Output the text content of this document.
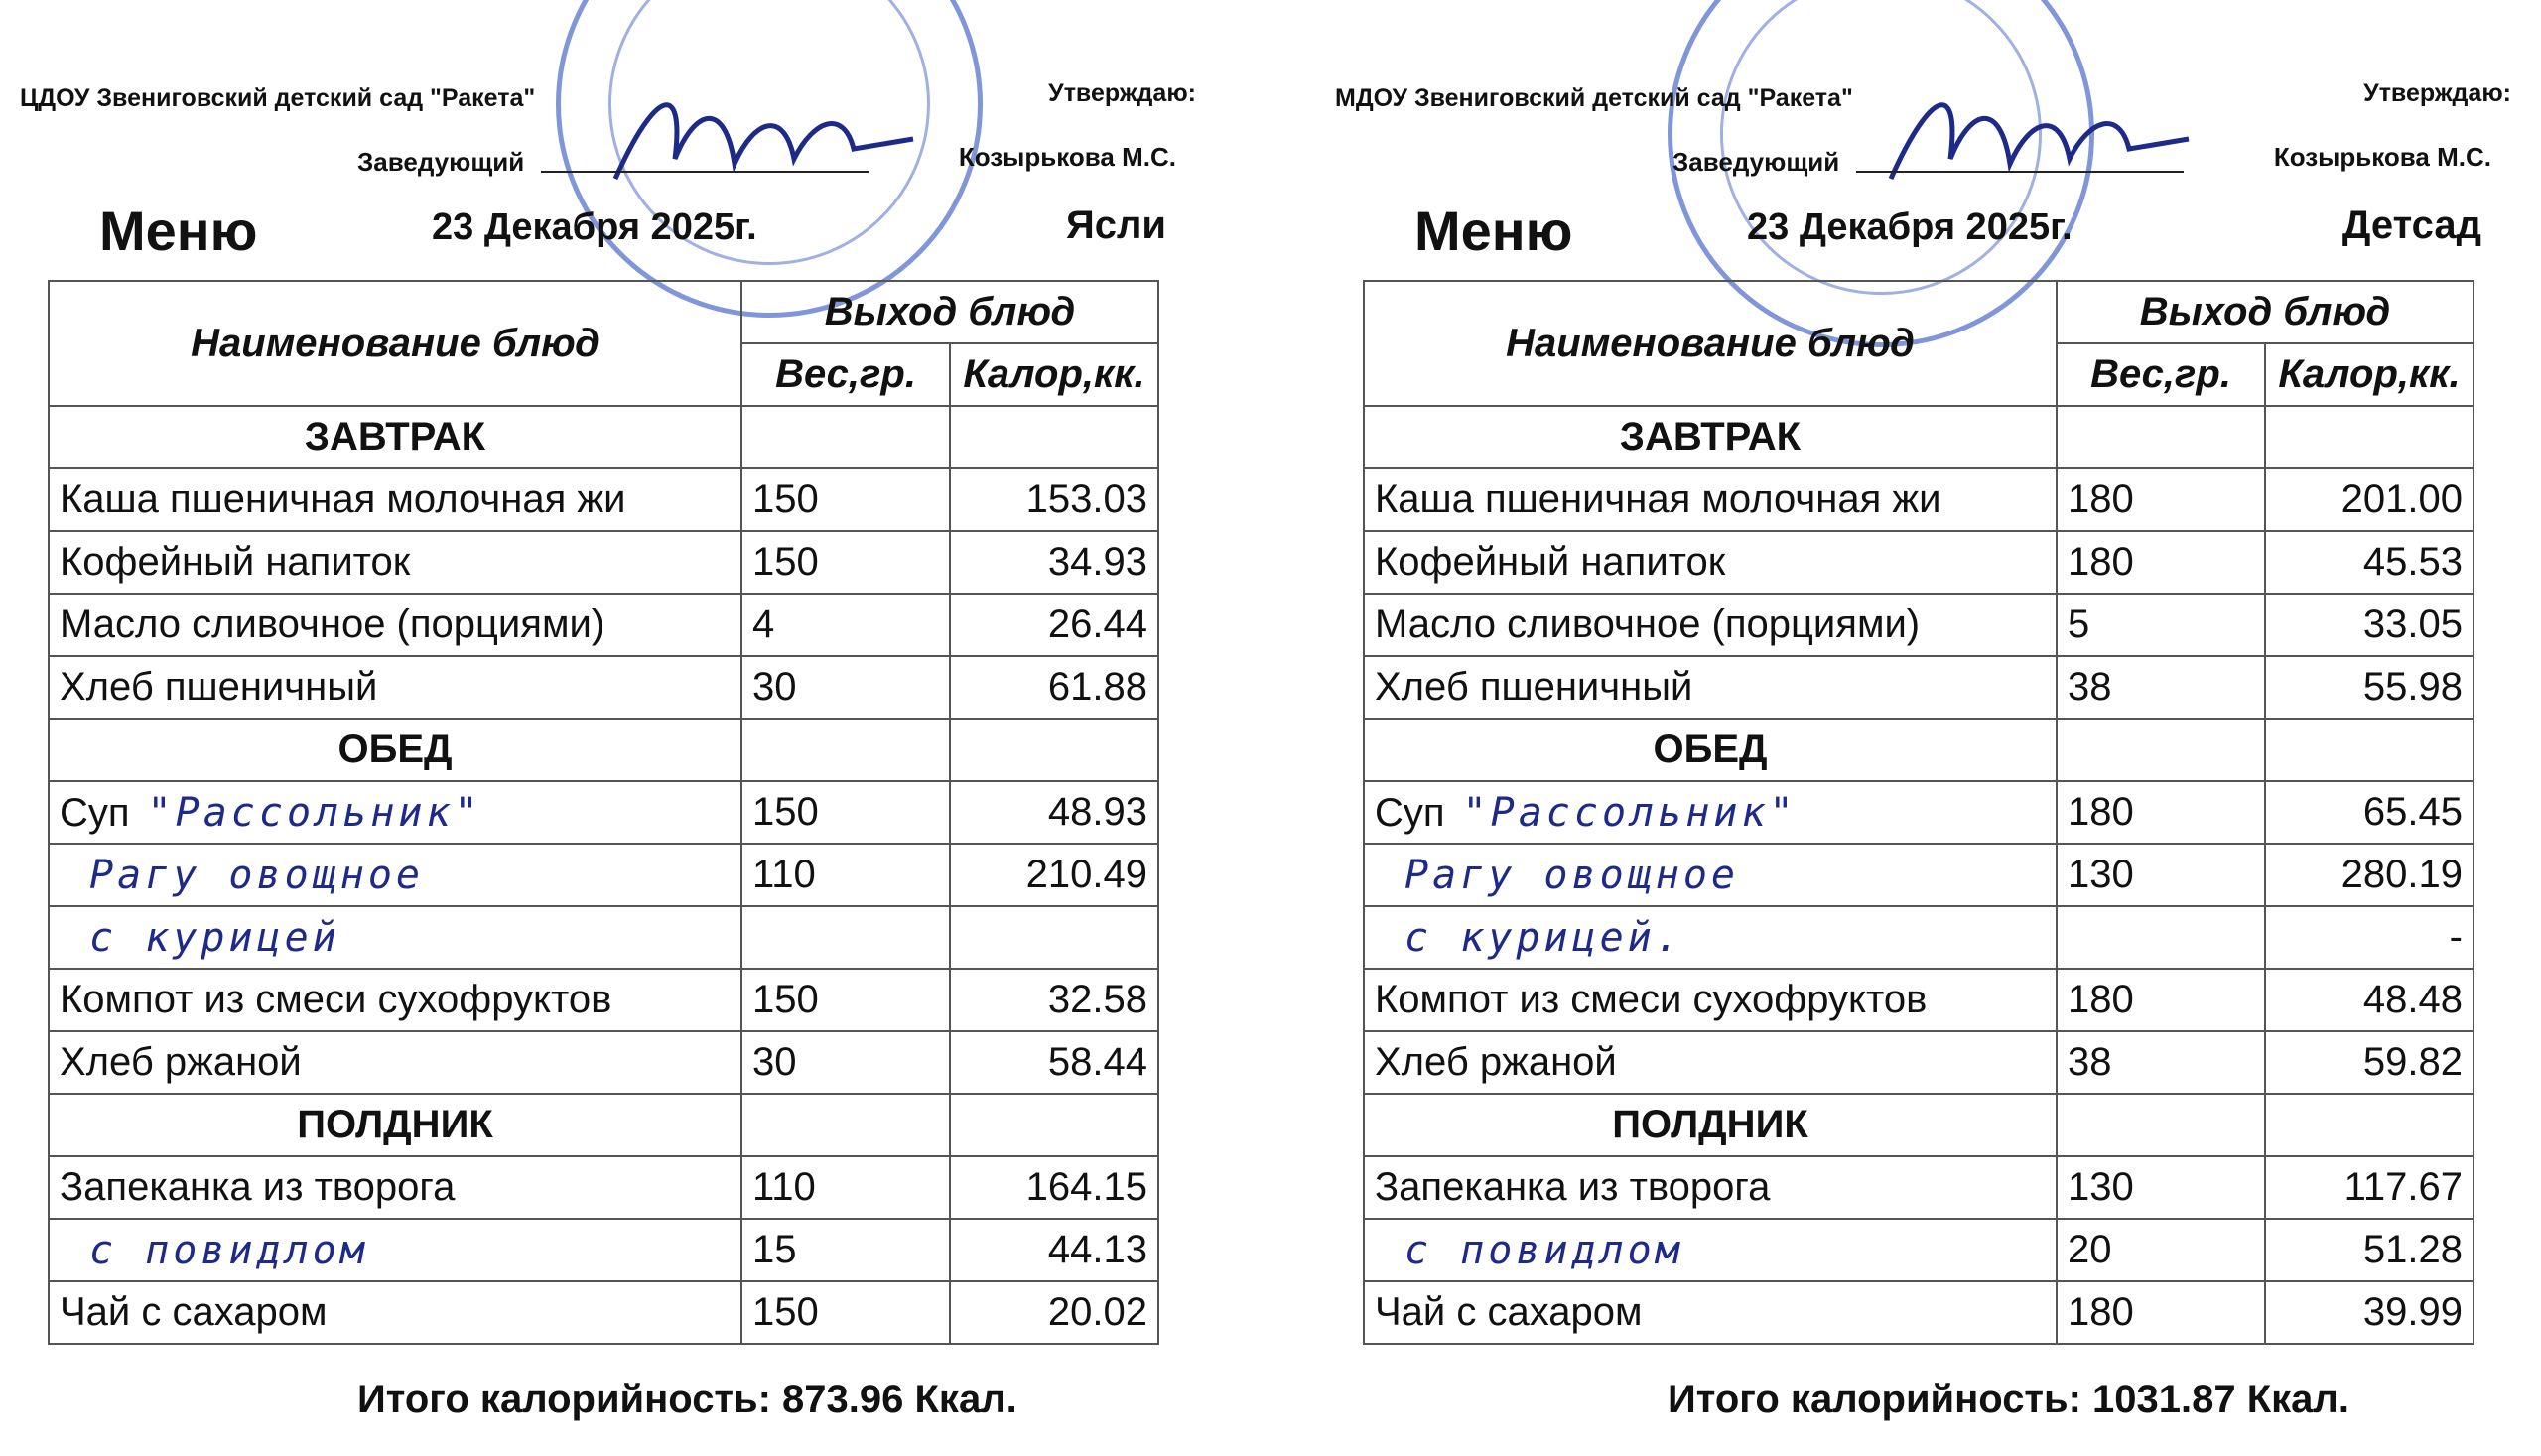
ЦДОУ Звениговский детский сад "Ракета"	Утверждаю:
Заведующий	Козырькова М.С.
Меню	23 Декабря 2025г.	Ясли
Наименование блюд	Выход блюд	
	Вес,гр.	Калор,кк.
ЗАВТРАК		
Каша пшеничная молочная жи	150	153.03
Кофейный напиток	150	34.93
Масло сливочное (порциями)	4	26.44
Хлеб пшеничный	30	61.88
ОБЕД		
Суп "Рассольник"	150	48.93
Рагу овощное	110	210.49
с курицей		
Компот из смеси сухофруктов	150	32.58
Хлеб ржаной	30	58.44
ПОЛДНИК		
Запеканка из творога	110	164.15
с повидлом	15	44.13
Чай с сахаром	150	20.02
Итого калорийность: 873.96 Ккал.
МДОУ Звениговский детский сад "Ракета"	Утверждаю:
Заведующий	Козырькова М.С.
Меню	23 Декабря 2025г.	Детсад
Наименование блюд	Выход блюд	
	Вес,гр.	Калор,кк.
ЗАВТРАК		
Каша пшеничная молочная жи	180	201.00
Кофейный напиток	180	45.53
Масло сливочное (порциями)	5	33.05
Хлеб пшеничный	38	55.98
ОБЕД		
Суп "Рассольник"	180	65.45
Рагу овощное	130	280.19
с курицей.		-
Компот из смеси сухофруктов	180	48.48
Хлеб ржаной	38	59.82
ПОЛДНИК		
Запеканка из творога	130	117.67
с повидлом	20	51.28
Чай с сахаром	180	39.99
Итого калорийность: 1031.87 Ккал.
